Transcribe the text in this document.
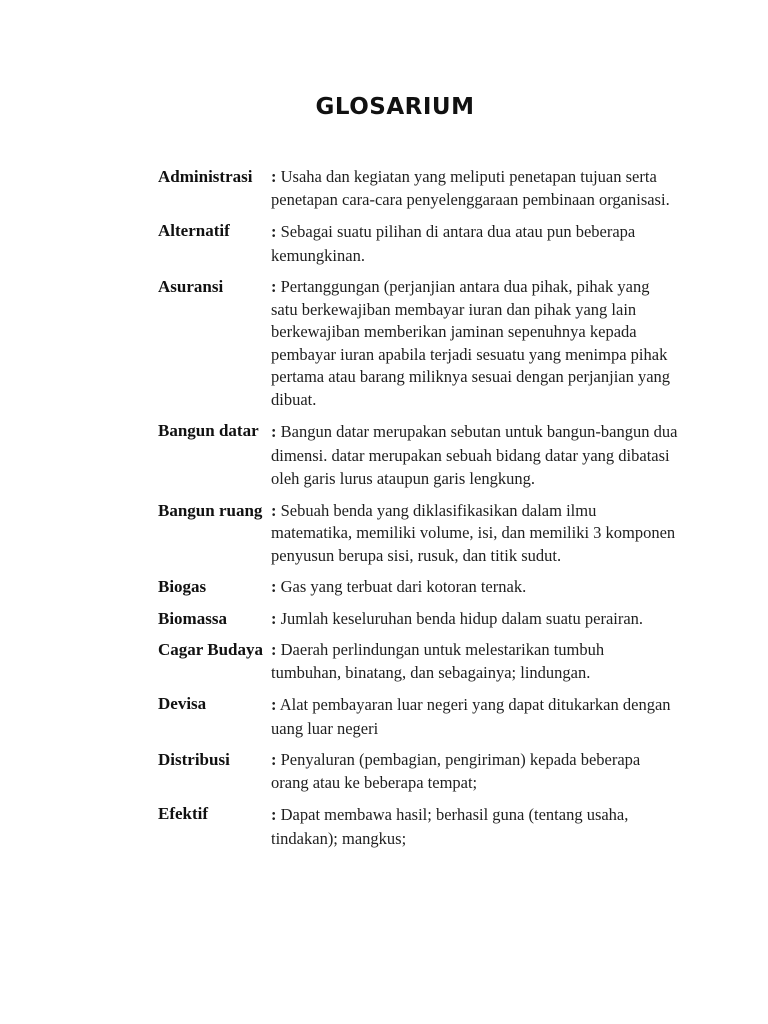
GLOSARIUM
Administrasi : Usaha dan kegiatan yang meliputi penetapan tujuan serta penetapan cara-cara penyelenggaraan pembinaan organisasi.
Alternatif : Sebagai suatu pilihan di antara dua atau pun beberapa kemungkinan.
Asuransi	: Pertanggungan (perjanjian antara dua pihak, pihak yang satu berkewajiban membayar iuran dan pihak yang lain berkewajiban memberikan jaminan sepenuhnya kepada pembayar iuran apabila terjadi sesuatu yang menimpa pihak pertama atau barang miliknya sesuai dengan perjanjian yang dibuat.
Bangun datar : Bangun datar merupakan sebutan untuk bangun-bangun dua dimensi. datar merupakan sebuah bidang datar yang dibatasi oleh garis lurus ataupun garis lengkung.
Bangun ruang : Sebuah benda yang diklasifikasikan dalam ilmu matematika, memiliki volume, isi, dan memiliki 3 komponen penyusun berupa sisi, rusuk, dan titik sudut.
Biogas	: Gas yang terbuat dari kotoran ternak.
Biomassa	: Jumlah keseluruhan benda hidup dalam suatu perairan.
Cagar Budaya : Daerah perlindungan untuk melestarikan tumbuh tumbuhan, binatang, dan sebagainya; lindungan.
Devisa	: Alat pembayaran luar negeri yang dapat ditukarkan dengan uang luar negeri
Distribusi : Penyaluran (pembagian, pengiriman) kepada beberapa orang atau ke beberapa tempat;
Efektif	: Dapat membawa hasil; berhasil guna (tentang usaha, tindakan); mangkus;
